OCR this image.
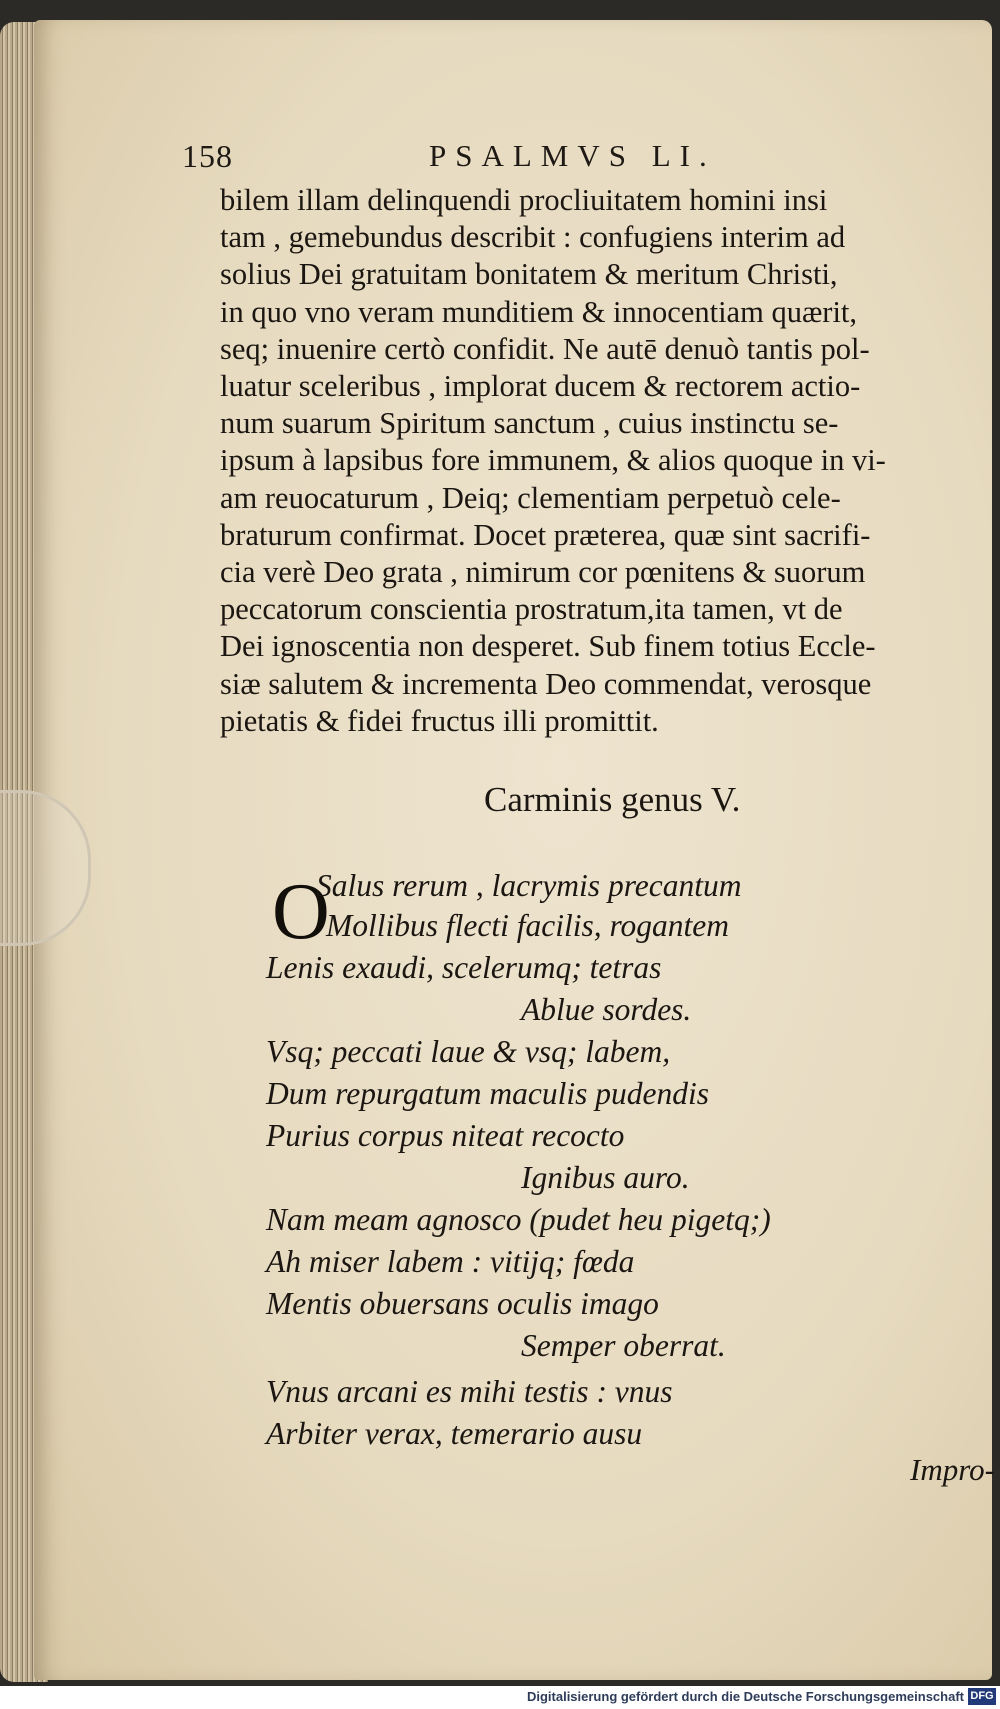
158	PSALMVS LI.
bilem illam delinquendi procliuitatem homini insi
tam , gemebundus describit : confugiens interim ad
solius Dei gratuitam bonitatem & meritum Christi,
in quo vno veram munditiem & innocentiam quærit,
seq; inuenire certò confidit. Ne autē denuò tantis pol-
luatur sceleribus , implorat ducem & rectorem actio-
num suarum Spiritum sanctum , cuius instinctu se-
ipsum à lapsibus fore immunem, & alios quoque in vi-
am reuocaturum , Deiq; clementiam perpetuò cele-
braturum confirmat. Docet præterea, quæ sint sacrifi-
cia verè Deo grata , nimirum cor pœnitens & suorum
peccatorum conscientia prostratum,ita tamen, vt de
Dei ignoscentia non desperet. Sub finem totius Eccle-
siæ salutem & incrementa Deo commendat, verosque
pietatis & fidei fructus illi promittit.
Carminis genus V.
O
Salus rerum , lacrymis precantum
Mollibus flecti facilis, rogantem
Lenis exaudi, scelerumq; tetras
Ablue sordes.
Vsq; peccati laue & vsq; labem,
Dum repurgatum maculis pudendis
Purius corpus niteat recocto
Ignibus auro.
Nam meam agnosco (pudet heu pigetq;)
Ah miser labem : vitijq; fœda
Mentis obuersans oculis imago
Semper oberrat.
Vnus arcani es mihi testis : vnus
Arbiter verax, temerario ausu
Impro-
Digitalisierung gefördert durch die Deutsche Forschungsgemeinschaft DFG
